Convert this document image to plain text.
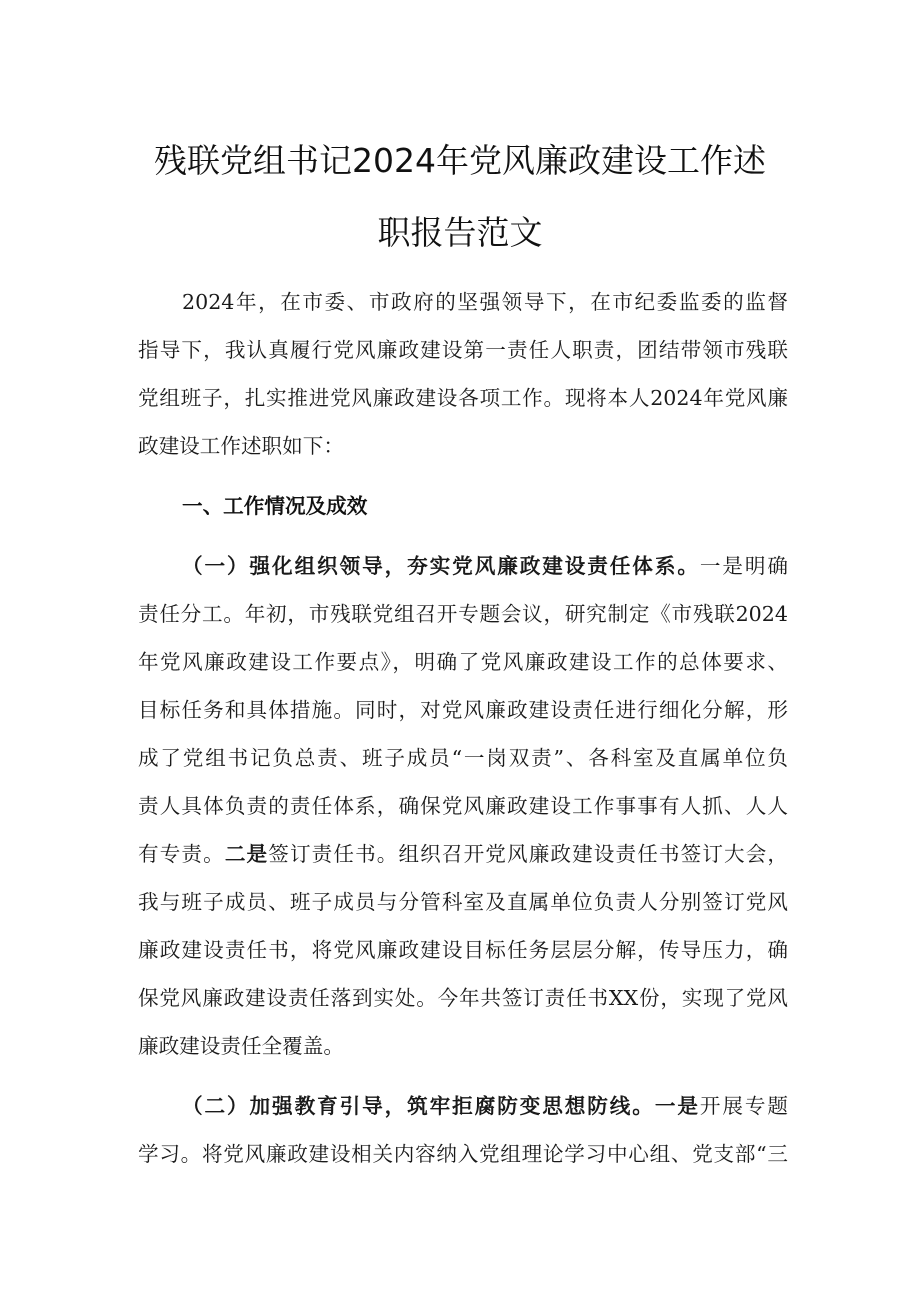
残联党组书记2024年党风廉政建设工作述
职报告范文
2024年，在市委、市政府的坚强领导下，在市纪委监委的监督
指导下，我认真履行党风廉政建设第一责任人职责，团结带领市残联
党组班子，扎实推进党风廉政建设各项工作。现将本人2024年党风廉
政建设工作述职如下：
一、工作情况及成效
（一）强化组织领导，夯实党风廉政建设责任体系。一是明确
责任分工。年初，市残联党组召开专题会议，研究制定《市残联2024
年党风廉政建设工作要点》，明确了党风廉政建设工作的总体要求、
目标任务和具体措施。同时，对党风廉政建设责任进行细化分解，形
成了党组书记负总责、班子成员“一岗双责”、各科室及直属单位负
责人具体负责的责任体系，确保党风廉政建设工作事事有人抓、人人
有专责。二是签订责任书。组织召开党风廉政建设责任书签订大会，
我与班子成员、班子成员与分管科室及直属单位负责人分别签订党风
廉政建设责任书，将党风廉政建设目标任务层层分解，传导压力，确
保党风廉政建设责任落到实处。今年共签订责任书XX份，实现了党风
廉政建设责任全覆盖。
（二）加强教育引导，筑牢拒腐防变思想防线。一是开展专题
学习。将党风廉政建设相关内容纳入党组理论学习中心组、党支部“三
